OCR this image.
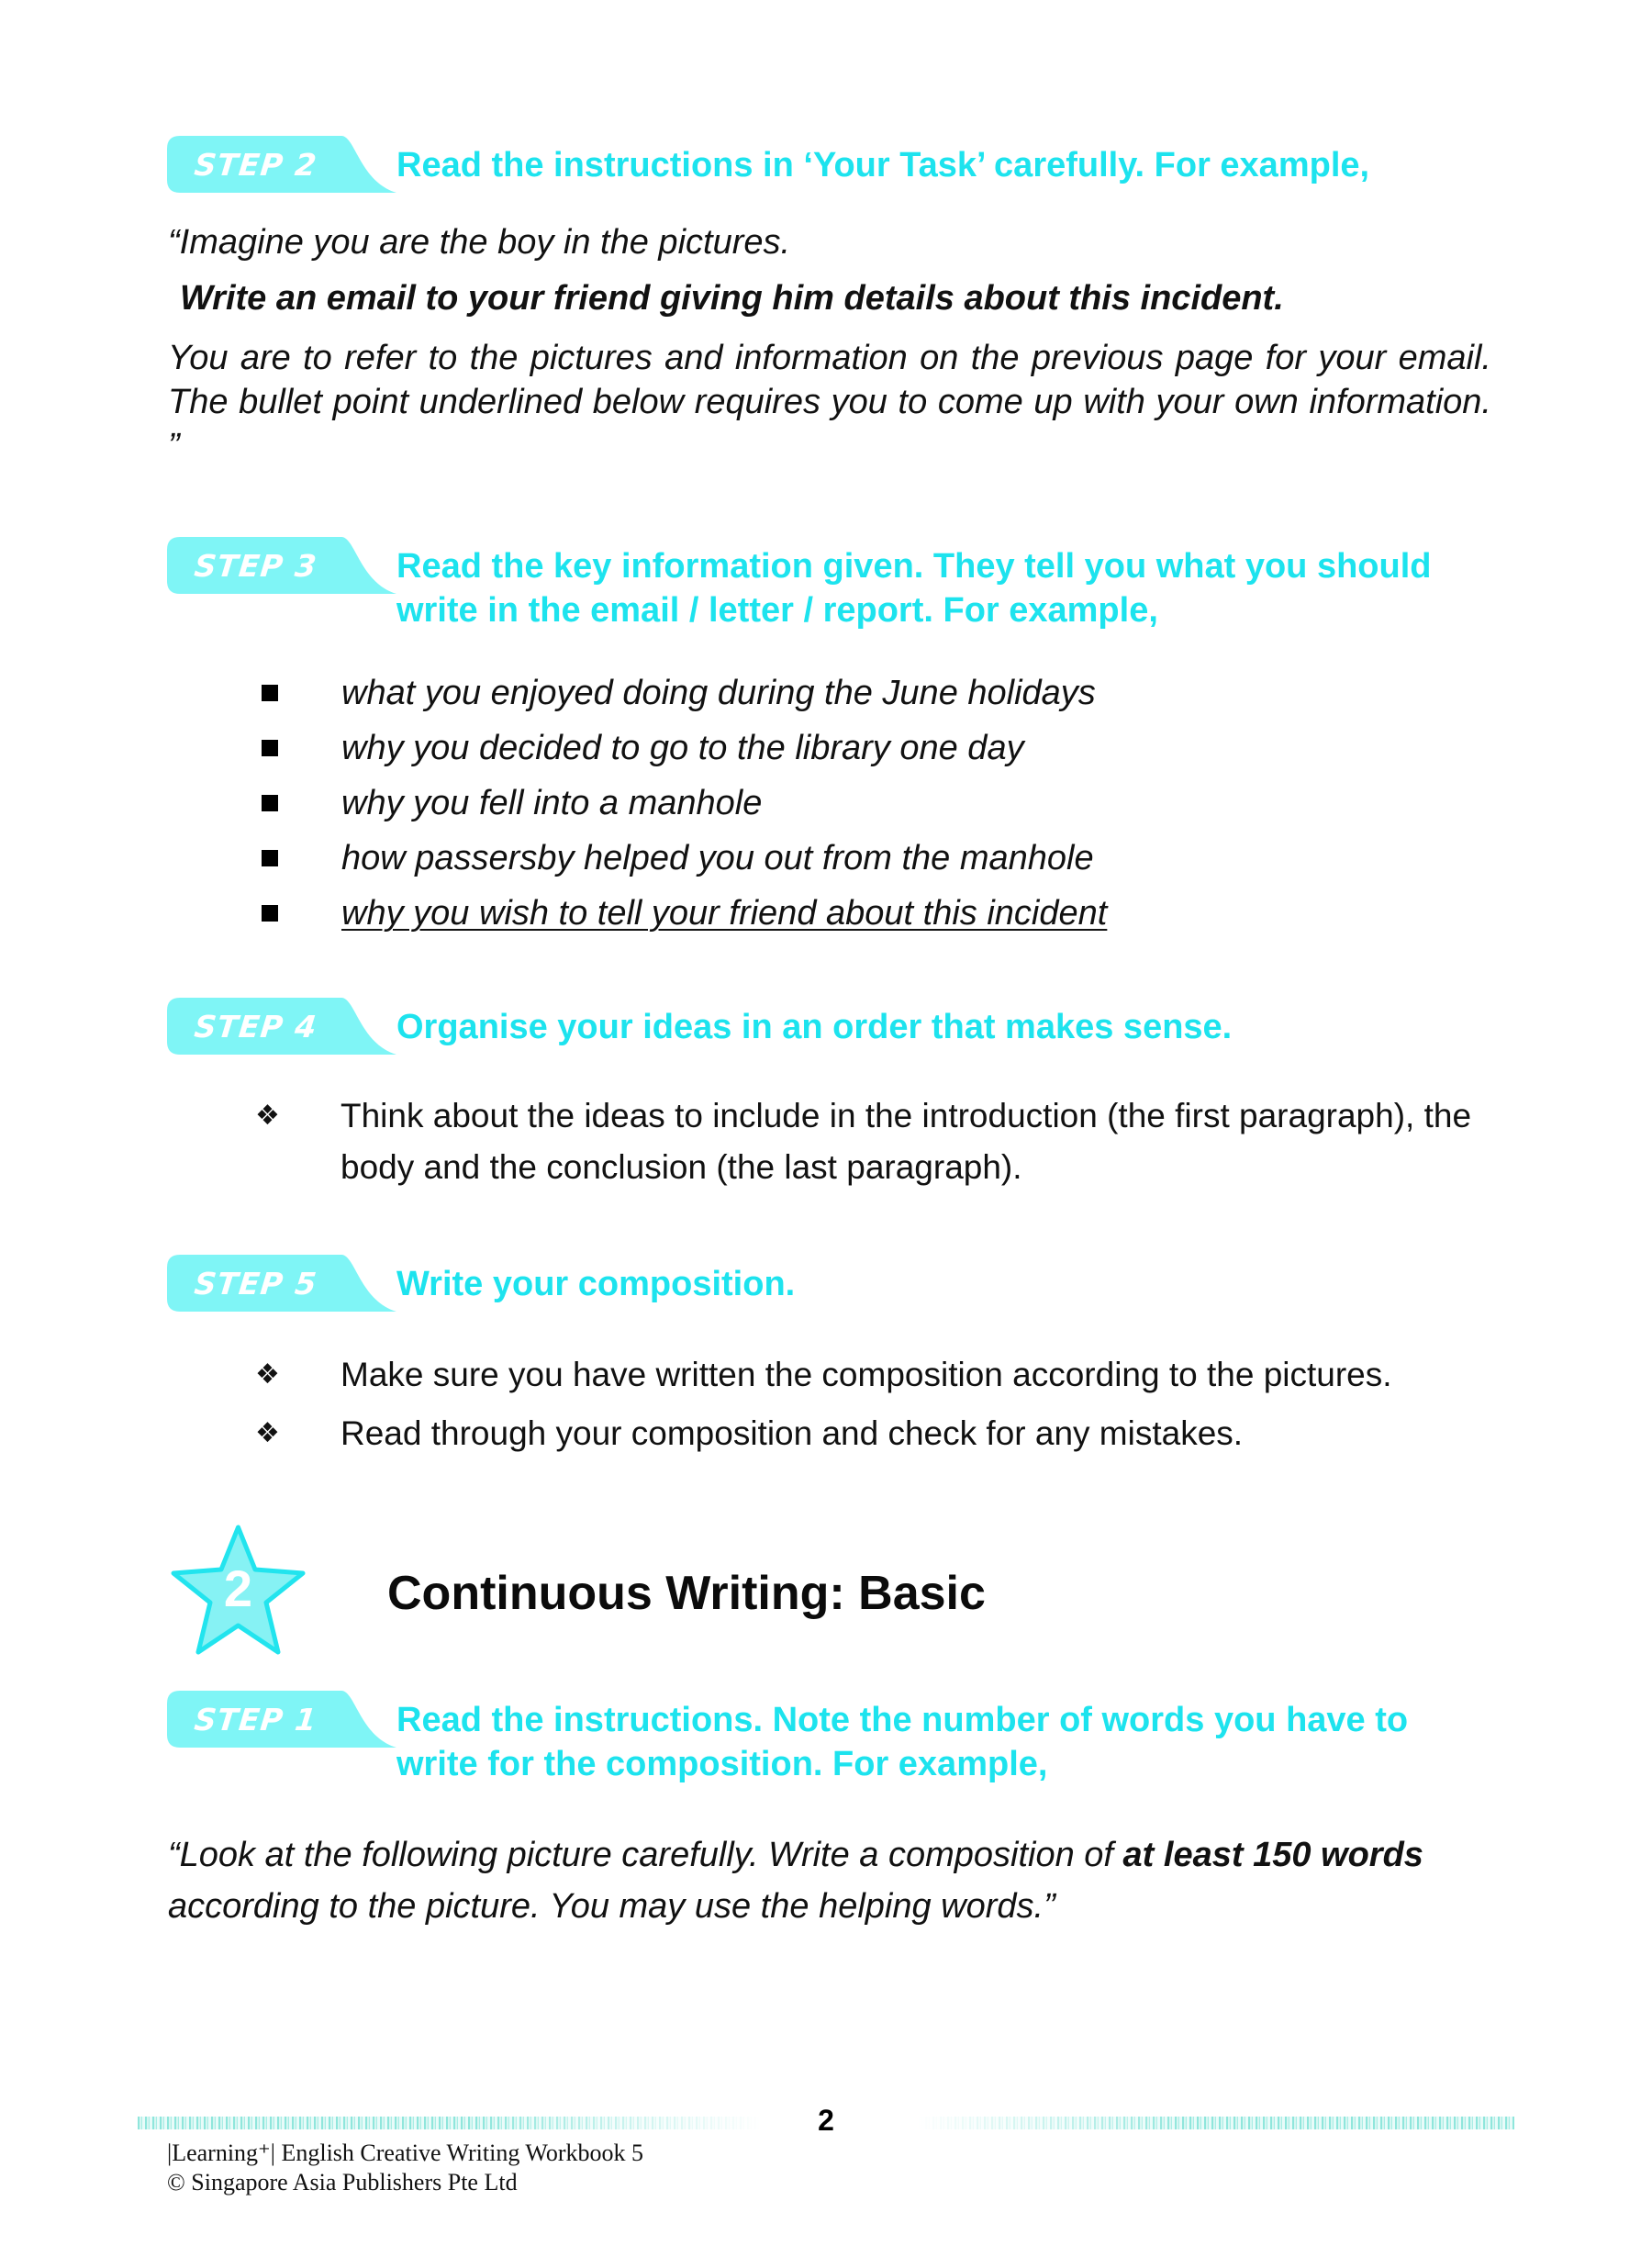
STEP 2 Read the instructions in ‘Your Task’ carefully. For example,
“Imagine you are the boy in the pictures.
Write an email to your friend giving him details about this incident.
You are to refer to the pictures and information on the previous page for your email. The bullet point underlined below requires you to come up with your own information. ”
STEP 3 Read the key information given. They tell you what you should write in the email / letter / report. For example,
what you enjoyed doing during the June holidays
why you decided to go to the library one day
why you fell into a manhole
how passersby helped you out from the manhole
why you wish to tell your friend about this incident
STEP 4 Organise your ideas in an order that makes sense.
❖ Think about the ideas to include in the introduction (the first paragraph), the body and the conclusion (the last paragraph).
STEP 5 Write your composition.
❖ Make sure you have written the composition according to the pictures.
❖ Read through your composition and check for any mistakes.
2	Continuous Writing: Basic
STEP 1 Read the instructions. Note the number of words you have to write for the composition. For example,
“Look at the following picture carefully. Write a composition of at least 150 words according to the picture. You may use the helping words.”
2
|Learning⁺| English Creative Writing Workbook 5
© Singapore Asia Publishers Pte Ltd
